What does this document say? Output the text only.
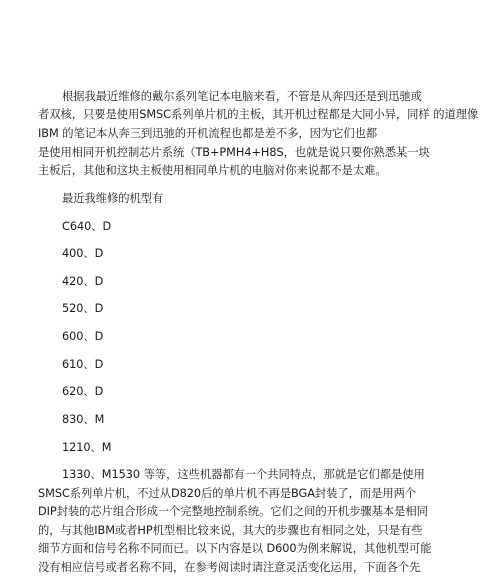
根据我最近维修的戴尔系列笔记本电脑来看，不管是从奔四还是到迅驰或
者双核，只要是使用SMSC系列单片机的主板，其开机过程都是大同小异，同样 的道理像
IBM 的笔记本从奔三到迅驰的开机流程也都是差不多，因为它们也都
是使用相同开机控制芯片系统（TB+PMH4+H8S，也就是说只要你熟悉某一块
主板后，其他和这块主板使用相同单片机的电脑对你来说都不是太难。
最近我维修的机型有
C640、D
400、D
420、D
520、D
600、D
610、D
620、D
830、M
1210、M
1330、M1530 等等，这些机器都有一个共同特点，那就是它们都是使用
SMSC系列单片机，不过从D820后的单片机不再是BGA封装了，而是用两个
DIP封装的芯片组合形成一个完整地控制系统。它们之间的开机步骤基本是相同
的，与其他IBM或者HP机型相比较来说，其大的步骤也有相同之处，只是有些
细节方面和信号名称不同而已。以下内容是以 D600为例来解说，其他机型可能
没有相应信号或者名称不同，在参考阅读时请注意灵活变化运用，下面各个先
